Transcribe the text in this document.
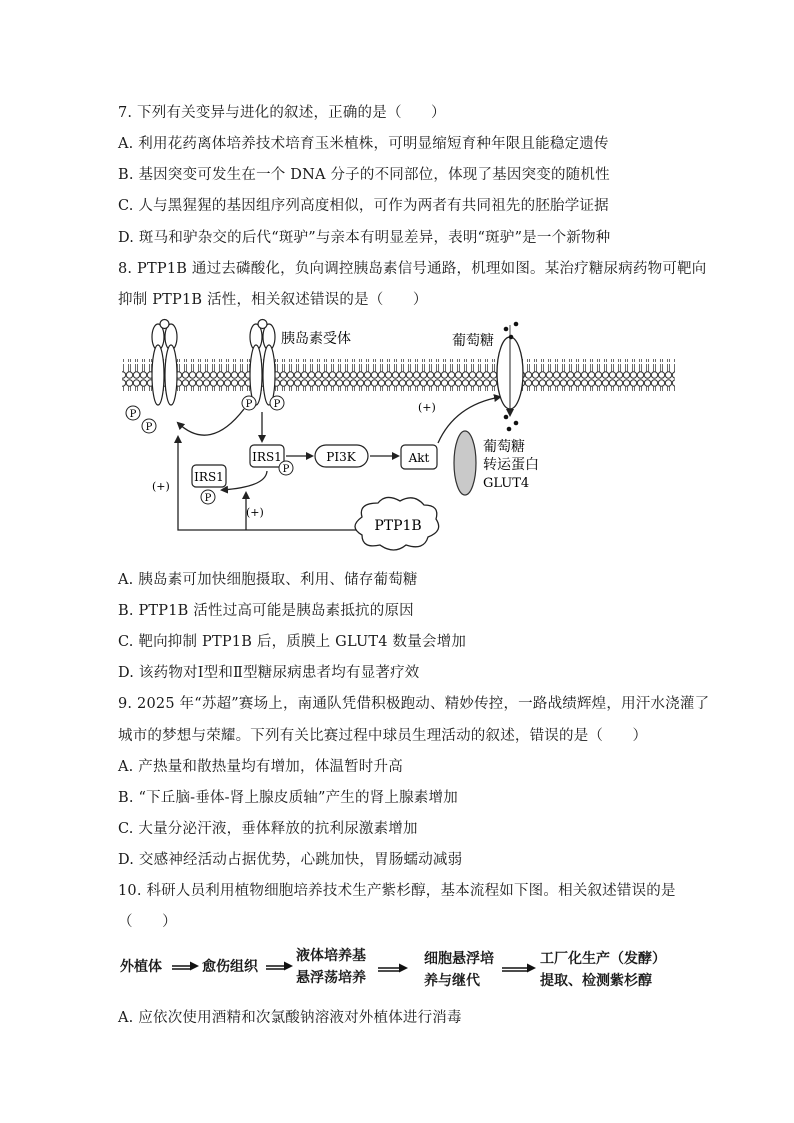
7. 下列有关变异与进化的叙述，正确的是（　　）
A. 利用花药离体培养技术培育玉米植株，可明显缩短育种年限且能稳定遗传
B. 基因突变可发生在一个 DNA 分子的不同部位，体现了基因突变的随机性
C. 人与黑猩猩的基因组序列高度相似，可作为两者有共同祖先的胚胎学证据
D. 斑马和驴杂交的后代“斑驴”与亲本有明显差异，表明“斑驴”是一个新物种
8. PTP1B 通过去磷酸化，负向调控胰岛素信号通路，机理如图。某治疗糖尿病药物可靶向
抑制 PTP1B 活性，相关叙述错误的是（　　）
胰岛素受体
P
P
P P
IRS1
P
PI3K	Akt
(+)
葡萄糖
葡萄糖
转运蛋白
GLUT4
IRS1
P
(+)
(+)
PTP1B
A. 胰岛素可加快细胞摄取、利用、储存葡萄糖
B. PTP1B 活性过高可能是胰岛素抵抗的原因
C. 靶向抑制 PTP1B 后，质膜上 GLUT4 数量会增加
D. 该药物对Ⅰ型和Ⅱ型糖尿病患者均有显著疗效
9. 2025 年“苏超”赛场上，南通队凭借积极跑动、精妙传控，一路战绩辉煌，用汗水浇灌了
城市的梦想与荣耀。下列有关比赛过程中球员生理活动的叙述，错误的是（　　）
A. 产热量和散热量均有增加，体温暂时升高
B. “下丘脑-垂体-肾上腺皮质轴”产生的肾上腺素增加
C. 大量分泌汗液，垂体释放的抗利尿激素增加
D. 交感神经活动占据优势，心跳加快，胃肠蠕动减弱
10. 科研人员利用植物细胞培养技术生产紫杉醇，基本流程如下图。相关叙述错误的是
（　　）
外植体	愈伤组织
液体培养基
悬浮荡培养
细胞悬浮培
养与继代
工厂化生产（发酵）
提取、检测紫杉醇
A. 应依次使用酒精和次氯酸钠溶液对外植体进行消毒
